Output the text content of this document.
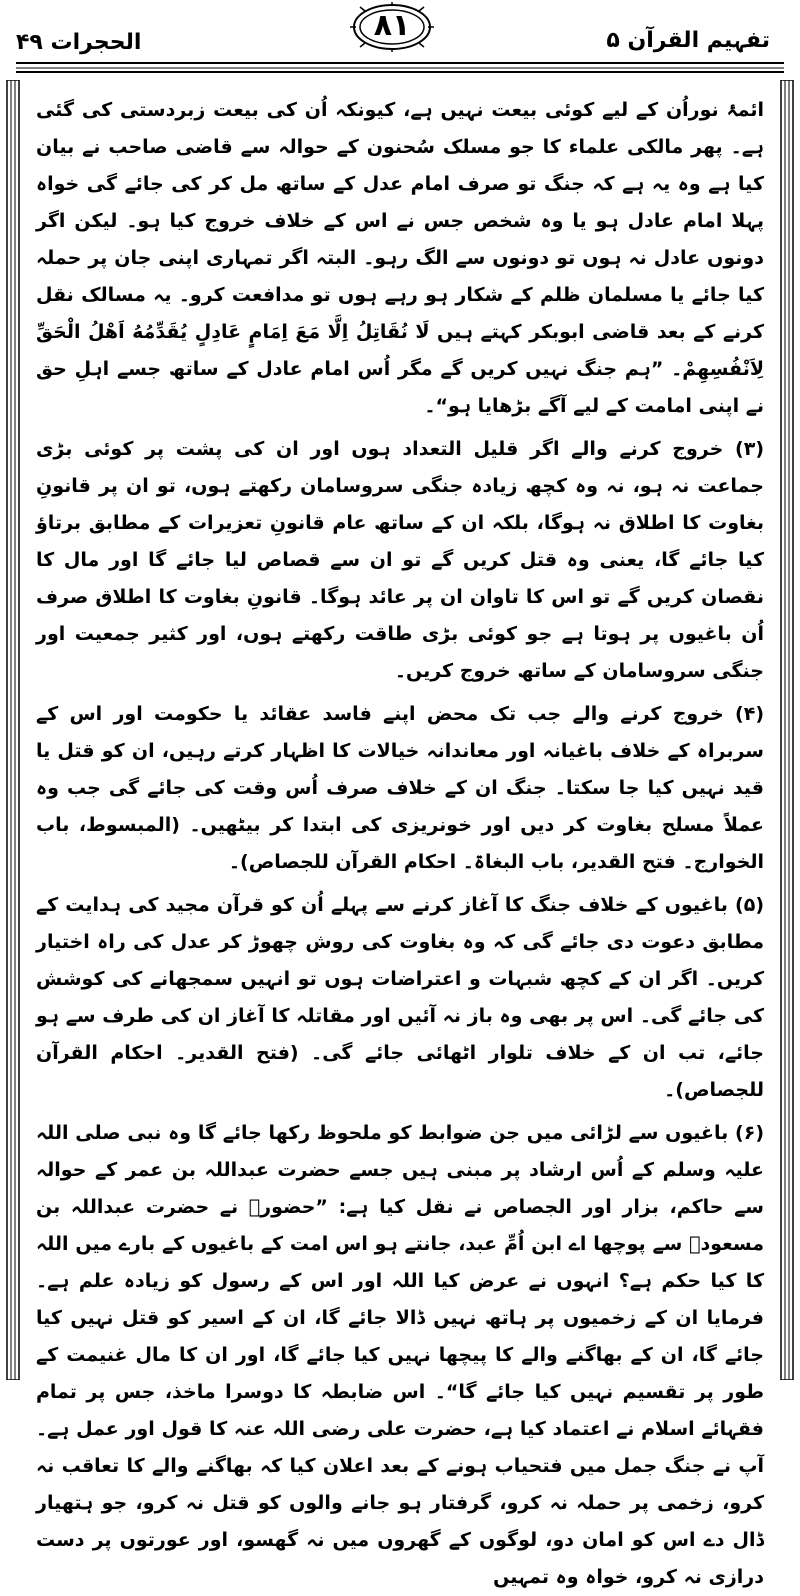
الحجرات ۴۹	۸۱	تفہیم القرآن ۵

ائمۂ نوراُن کے لیے کوئی بیعت نہیں ہے، کیونکہ اُن کی بیعت زبردستی کی گئی ہے۔ پھر مالکی علماء کا جو مسلک سُحنون کے حوالہ سے قاضی صاحب نے بیان کیا ہے وہ یہ ہے کہ جنگ تو صرف امام عدل کے ساتھ مل کر کی جائے گی خواہ پہلا امام عادل ہو یا وہ شخص جس نے اس کے خلاف خروج کیا ہو۔ لیکن اگر دونوں عادل نہ ہوں تو دونوں سے الگ رہو۔ البتہ اگر تمہاری اپنی جان پر حملہ کیا جائے یا مسلمان ظلم کے شکار ہو رہے ہوں تو مدافعت کرو۔ یہ مسالک نقل کرنے کے بعد قاضی ابوبکر کہتے ہیں لَا نُقَاتِلُ اِلَّا مَعَ اِمَامٍ عَادِلٍ يُقَدِّمُهُ اَهْلُ الْحَقِّ لِاَنْفُسِهِمْ۔ ”ہم جنگ نہیں کریں گے مگر اُس امام عادل کے ساتھ جسے اہلِ حق نے اپنی امامت کے لیے آگے بڑھایا ہو“۔

(۳) خروج کرنے والے اگر قلیل التعداد ہوں اور ان کی پشت پر کوئی بڑی جماعت نہ ہو، نہ وہ کچھ زیادہ جنگی سروسامان رکھتے ہوں، تو ان پر قانونِ بغاوت کا اطلاق نہ ہوگا، بلکہ ان کے ساتھ عام قانونِ تعزیرات کے مطابق برتاؤ کیا جائے گا، یعنی وہ قتل کریں گے تو ان سے قصاص لیا جائے گا اور مال کا نقصان کریں گے تو اس کا تاوان ان پر عائد ہوگا۔ قانونِ بغاوت کا اطلاق صرف اُن باغیوں پر ہوتا ہے جو کوئی بڑی طاقت رکھتے ہوں، اور کثیر جمعیت اور جنگی سروسامان کے ساتھ خروج کریں۔

(۴) خروج کرنے والے جب تک محض اپنے فاسد عقائد یا حکومت اور اس کے سربراہ کے خلاف باغیانہ اور معاندانہ خیالات کا اظہار کرتے رہیں، ان کو قتل یا قید نہیں کیا جا سکتا۔ جنگ ان کے خلاف صرف اُس وقت کی جائے گی جب وہ عملاً مسلح بغاوت کر دیں اور خونریزی کی ابتدا کر بیٹھیں۔ (المبسوط، باب الخوارج۔ فتح القدیر، باب البغاۃ۔ احکام القرآن للجصاص)۔

(۵) باغیوں کے خلاف جنگ کا آغاز کرنے سے پہلے اُن کو قرآن مجید کی ہدایت کے مطابق دعوت دی جائے گی کہ وہ بغاوت کی روش چھوڑ کر عدل کی راہ اختیار کریں۔ اگر ان کے کچھ شبہات و اعتراضات ہوں تو انہیں سمجھانے کی کوشش کی جائے گی۔ اس پر بھی وہ باز نہ آئیں اور مقاتلہ کا آغاز ان کی طرف سے ہو جائے، تب ان کے خلاف تلوار اٹھائی جائے گی۔ (فتح القدیر۔ احکام القرآن للجصاص)۔

(۶) باغیوں سے لڑائی میں جن ضوابط کو ملحوظ رکھا جائے گا وہ نبی صلی اللہ علیہ وسلم کے اُس ارشاد پر مبنی ہیں جسے حضرت عبداللہ بن عمر کے حوالہ سے حاکم، بزار اور الجصاص نے نقل کیا ہے: ”حضورؐ نے حضرت عبداللہ بن مسعودؓ سے پوچھا اے ابن اُمِّ عبد، جانتے ہو اس امت کے باغیوں کے بارے میں اللہ کا کیا حکم ہے؟ انہوں نے عرض کیا اللہ اور اس کے رسول کو زیادہ علم ہے۔ فرمایا ان کے زخمیوں پر ہاتھ نہیں ڈالا جائے گا، ان کے اسیر کو قتل نہیں کیا جائے گا، ان کے بھاگنے والے کا پیچھا نہیں کیا جائے گا، اور ان کا مال غنیمت کے طور پر تقسیم نہیں کیا جائے گا“۔ اس ضابطہ کا دوسرا ماخذ، جس پر تمام فقہائے اسلام نے اعتماد کیا ہے، حضرت علی رضی اللہ عنہ کا قول اور عمل ہے۔ آپ نے جنگ جمل میں فتحیاب ہونے کے بعد اعلان کیا کہ بھاگنے والے کا تعاقب نہ کرو، زخمی پر حملہ نہ کرو، گرفتار ہو جانے والوں کو قتل نہ کرو، جو ہتھیار ڈال دے اس کو امان دو، لوگوں کے گھروں میں نہ گھسو، اور عورتوں پر دست درازی نہ کرو، خواہ وہ تمہیں
